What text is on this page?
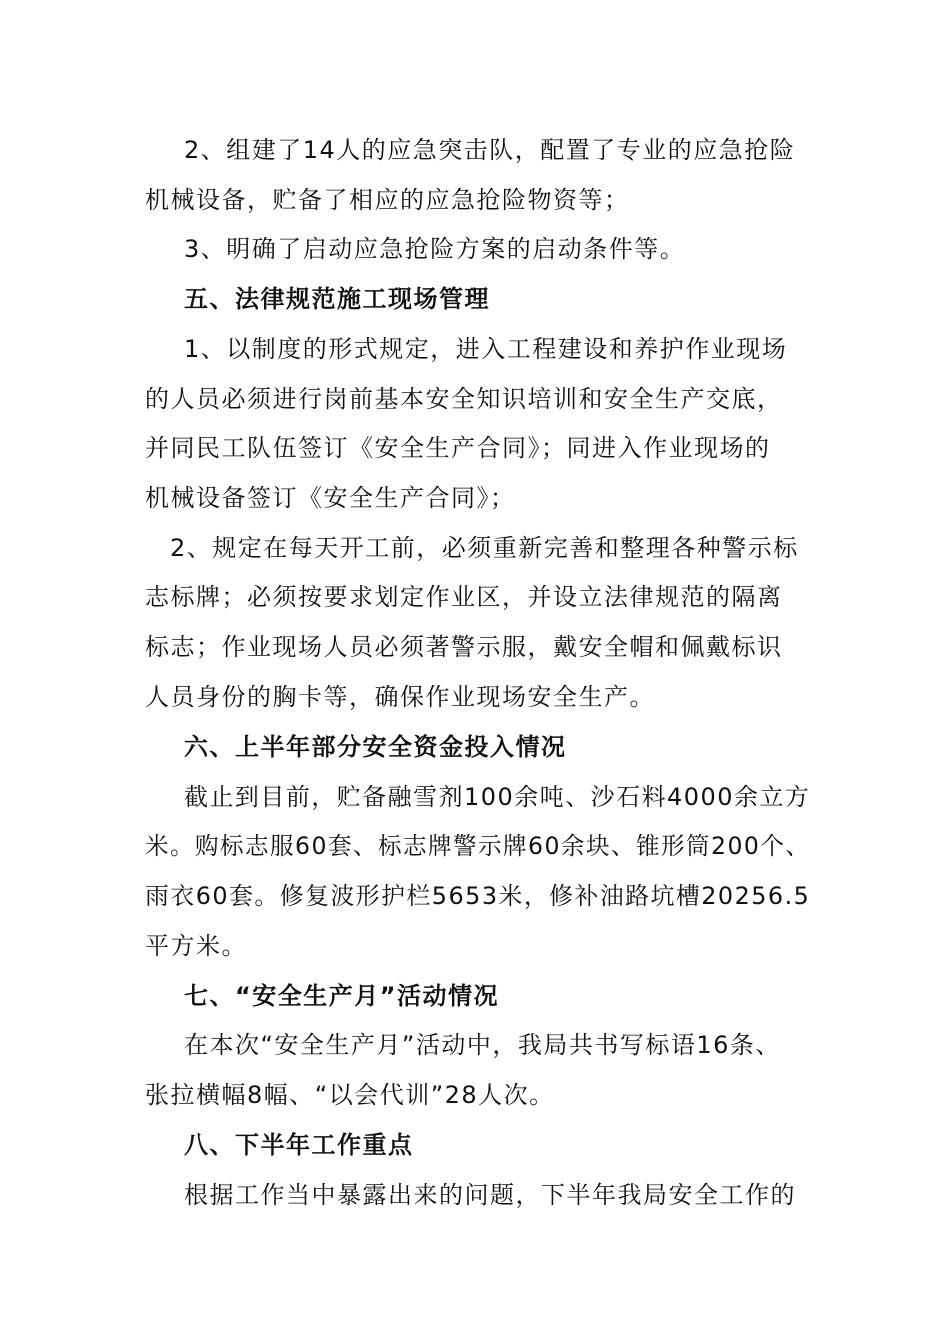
2、组建了14人的应急突击队，配置了专业的应急抢险
机械设备，贮备了相应的应急抢险物资等；
3、明确了启动应急抢险方案的启动条件等。
五、法律规范施工现场管理
1、以制度的形式规定，进入工程建设和养护作业现场
的人员必须进行岗前基本安全知识培训和安全生产交底，
并同民工队伍签订《安全生产合同》；同进入作业现场的
机械设备签订《安全生产合同》；
2、规定在每天开工前，必须重新完善和整理各种警示标
志标牌；必须按要求划定作业区，并设立法律规范的隔离
标志；作业现场人员必须著警示服，戴安全帽和佩戴标识
人员身份的胸卡等，确保作业现场安全生产。
六、上半年部分安全资金投入情况
截止到目前，贮备融雪剂100余吨、沙石料4000余立方
米。购标志服60套、标志牌警示牌60余块、锥形筒200个、
雨衣60套。修复波形护栏5653米，修补油路坑槽20256.5
平方米。
七、“安全生产月”活动情况
在本次“安全生产月”活动中，我局共书写标语16条、
张拉横幅8幅、“以会代训”28人次。
八、下半年工作重点
根据工作当中暴露出来的问题，下半年我局安全工作的
